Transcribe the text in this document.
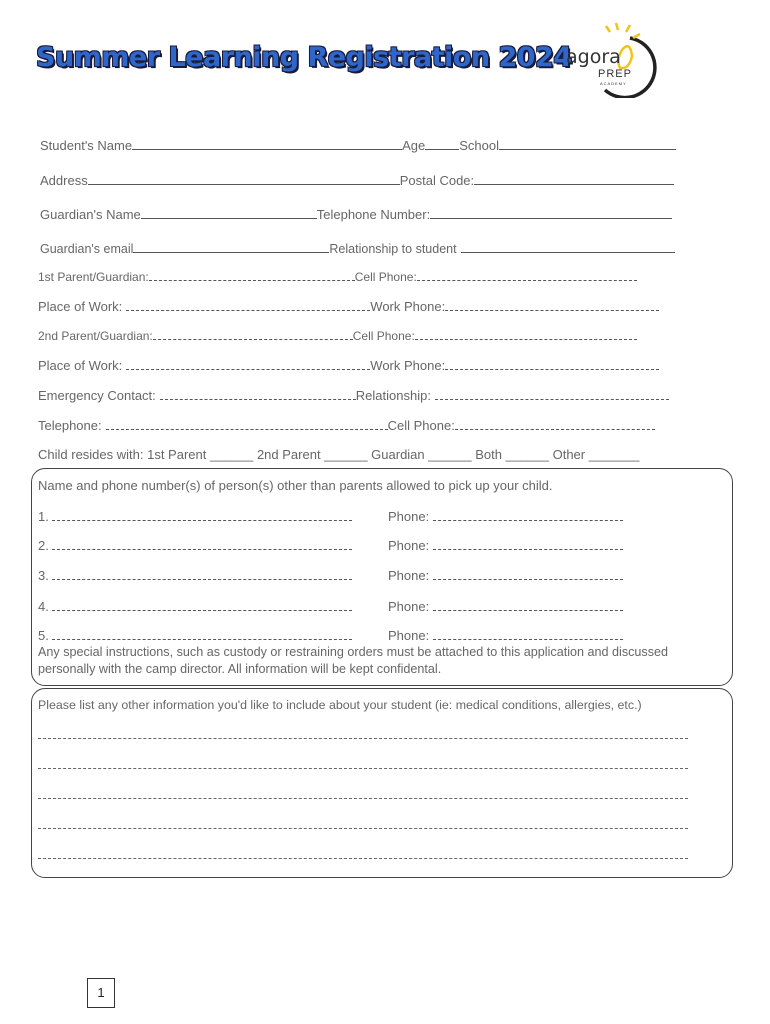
Summer Learning Registration 2024
agora
PREP
ACADEMY
Student's Name	Age	School
Address	Postal Code:
Guardian's Name	Telephone Number:
Guardian's email	Relationship to student
1st Parent/Guardian:	Cell Phone:
Place of Work:	Work Phone:
2nd Parent/Guardian:	Cell Phone:
Place of Work:	Work Phone:
Emergency Contact:	Relationship:
Telephone:	Cell Phone:
Child resides with: 1st Parent ______ 2nd Parent ______ Guardian ______ Both ______ Other _______
Name and phone number(s) of person(s) other than parents allowed to pick up your child.
1.	Phone:
2.	Phone:
3.	Phone:
4.	Phone:
5.	Phone:
Any special instructions, such as custody or restraining orders must be attached to this application and discussed
personally with the camp director. All information will be kept confidental.
Please list any other information you'd like to include about your student (ie: medical conditions, allergies, etc.)
1
